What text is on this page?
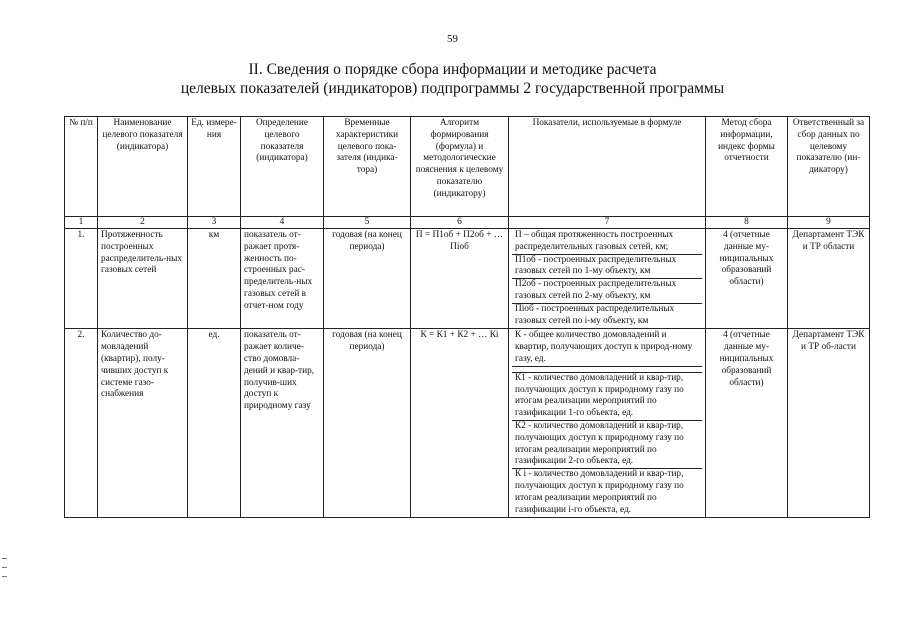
59
II. Сведения о порядке сбора информации и методике расчета
целевых показателей (индикаторов) подпрограммы 2 государственной программы
№ п/п	Наименование целевого показателя (индикатора)	Ед. измере-ния	Определение целевого показателя (индикатора)	Временные характеристики целевого пока-зателя (индика-тора)	Алгоритм формирования (формула) и методологические пояснения к целевому показателю (индикатору)	Показатели, используемые в формуле	Метод сбора информации, индекс формы отчетности	Ответственный за сбор данных по целевому показателю (ин-дикатору)
1	2	3	4	5	6	7	8	9
1.	Протяженность построенных распределитель-ных газовых сетей	км	показатель от-ражает протя-женность по-строенных рас-пределитель-ных газовых сетей в отчет-ном году	годовая (на конец периода)	П = П1об + П2об + …Піоб	П – общая протяженность построенных распределительных газовых сетей, км;
П1об - построенных распределительных газовых сетей по 1-му объекту, км
П2об - построенных распределительных газовых сетей по 2-му объекту, км
Піоб - построенных распределительных газовых сетей по і-му объекту, км	4 (отчетные данные му-ниципальных образований области)	Департамент ТЭК и ТР области
2.	Количество до-мовладений (квартир), полу-чивших доступ к системе газо-снабжения	ед.	показатель от-ражает количе-ство домовла-дений и квар-тир, получив-ших доступ к природному газу	годовая (на конец периода)	К = К1 + К2 + … Кі	К - общее количество домовладений и квартир, получающих доступ к природ-ному газу, ед.
К1 - количество домовладений и квар-тир, получающих доступ к природному газу по итогам реализации мероприятий по газификации 1-го объекта, ед.
К2 - количество домовладений и квар-тир, получающих доступ к природному газу по итогам реализации мероприятий по газификации 2-го объекта, ед.
К і - количество домовладений и квар-тир, получающих доступ к природному газу по итогам реализации мероприятий по газификации і-го объекта, ед.	4 (отчетные данные му-ниципальных образований области)	Департамент ТЭК и ТР об-ласти
